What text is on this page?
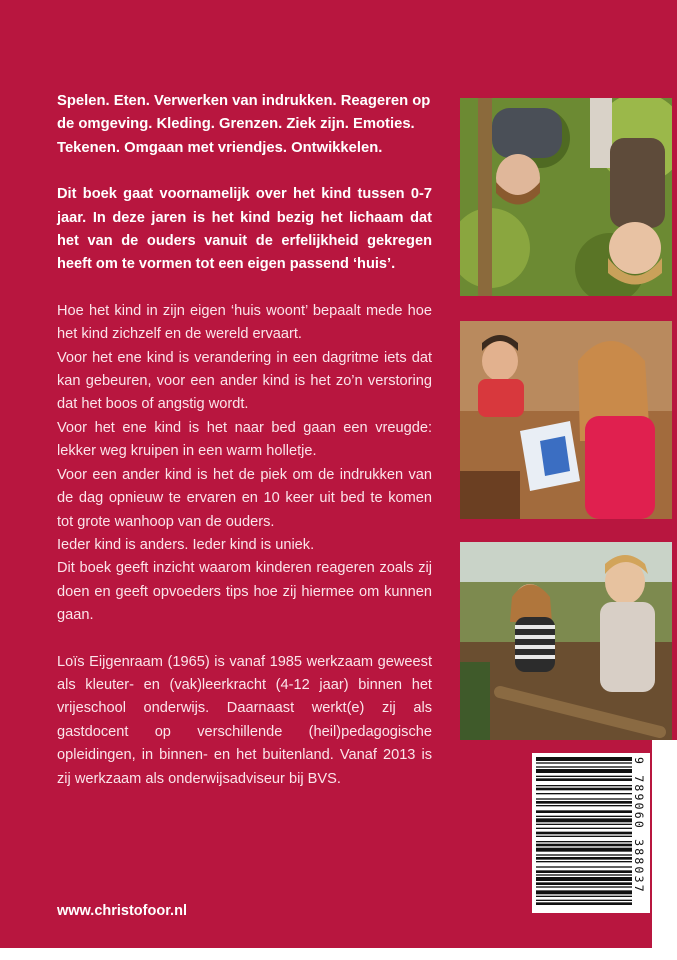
Spelen. Eten. Verwerken van indrukken. Reageren op de omgeving. Kleding. Grenzen. Ziek zijn. Emoties. Tekenen. Omgaan met vriendjes. Ontwikkelen.

Dit boek gaat voornamelijk over het kind tussen 0-7 jaar. In deze jaren is het kind bezig het lichaam dat het van de ouders vanuit de erfelijkheid gekregen heeft om te vormen tot een eigen passend ‘huis’.

Hoe het kind in zijn eigen ‘huis woont’ bepaalt mede hoe het kind zichzelf en de wereld ervaart.
Voor het ene kind is verandering in een dagritme iets dat kan gebeuren, voor een ander kind is het zo’n verstoring dat het boos of angstig wordt.
Voor het ene kind is het naar bed gaan een vreugde: lekker weg kruipen in een warm holletje.
Voor een ander kind is het de piek om de indrukken van de dag opnieuw te ervaren en 10 keer uit bed te komen tot grote wanhoop van de ouders.
Ieder kind is anders. Ieder kind is uniek.
Dit boek geeft inzicht waarom kinderen reageren zoals zij doen en geeft opvoeders tips hoe zij hiermee om kunnen gaan.

Loïs Eijgenraam (1965) is vanaf 1985 werkzaam geweest als kleuter- en (vak)leerkracht (4-12 jaar) binnen het vrijeschool onderwijs. Daarnaast werkt(e) zij als gastdocent op verschillende (heil)pedagogische opleidingen, in binnen- en het buitenland. Vanaf 2013 is zij werkzaam als onderwijsadviseur bij BVS.

www.christofoor.nl
9 789060 388037
